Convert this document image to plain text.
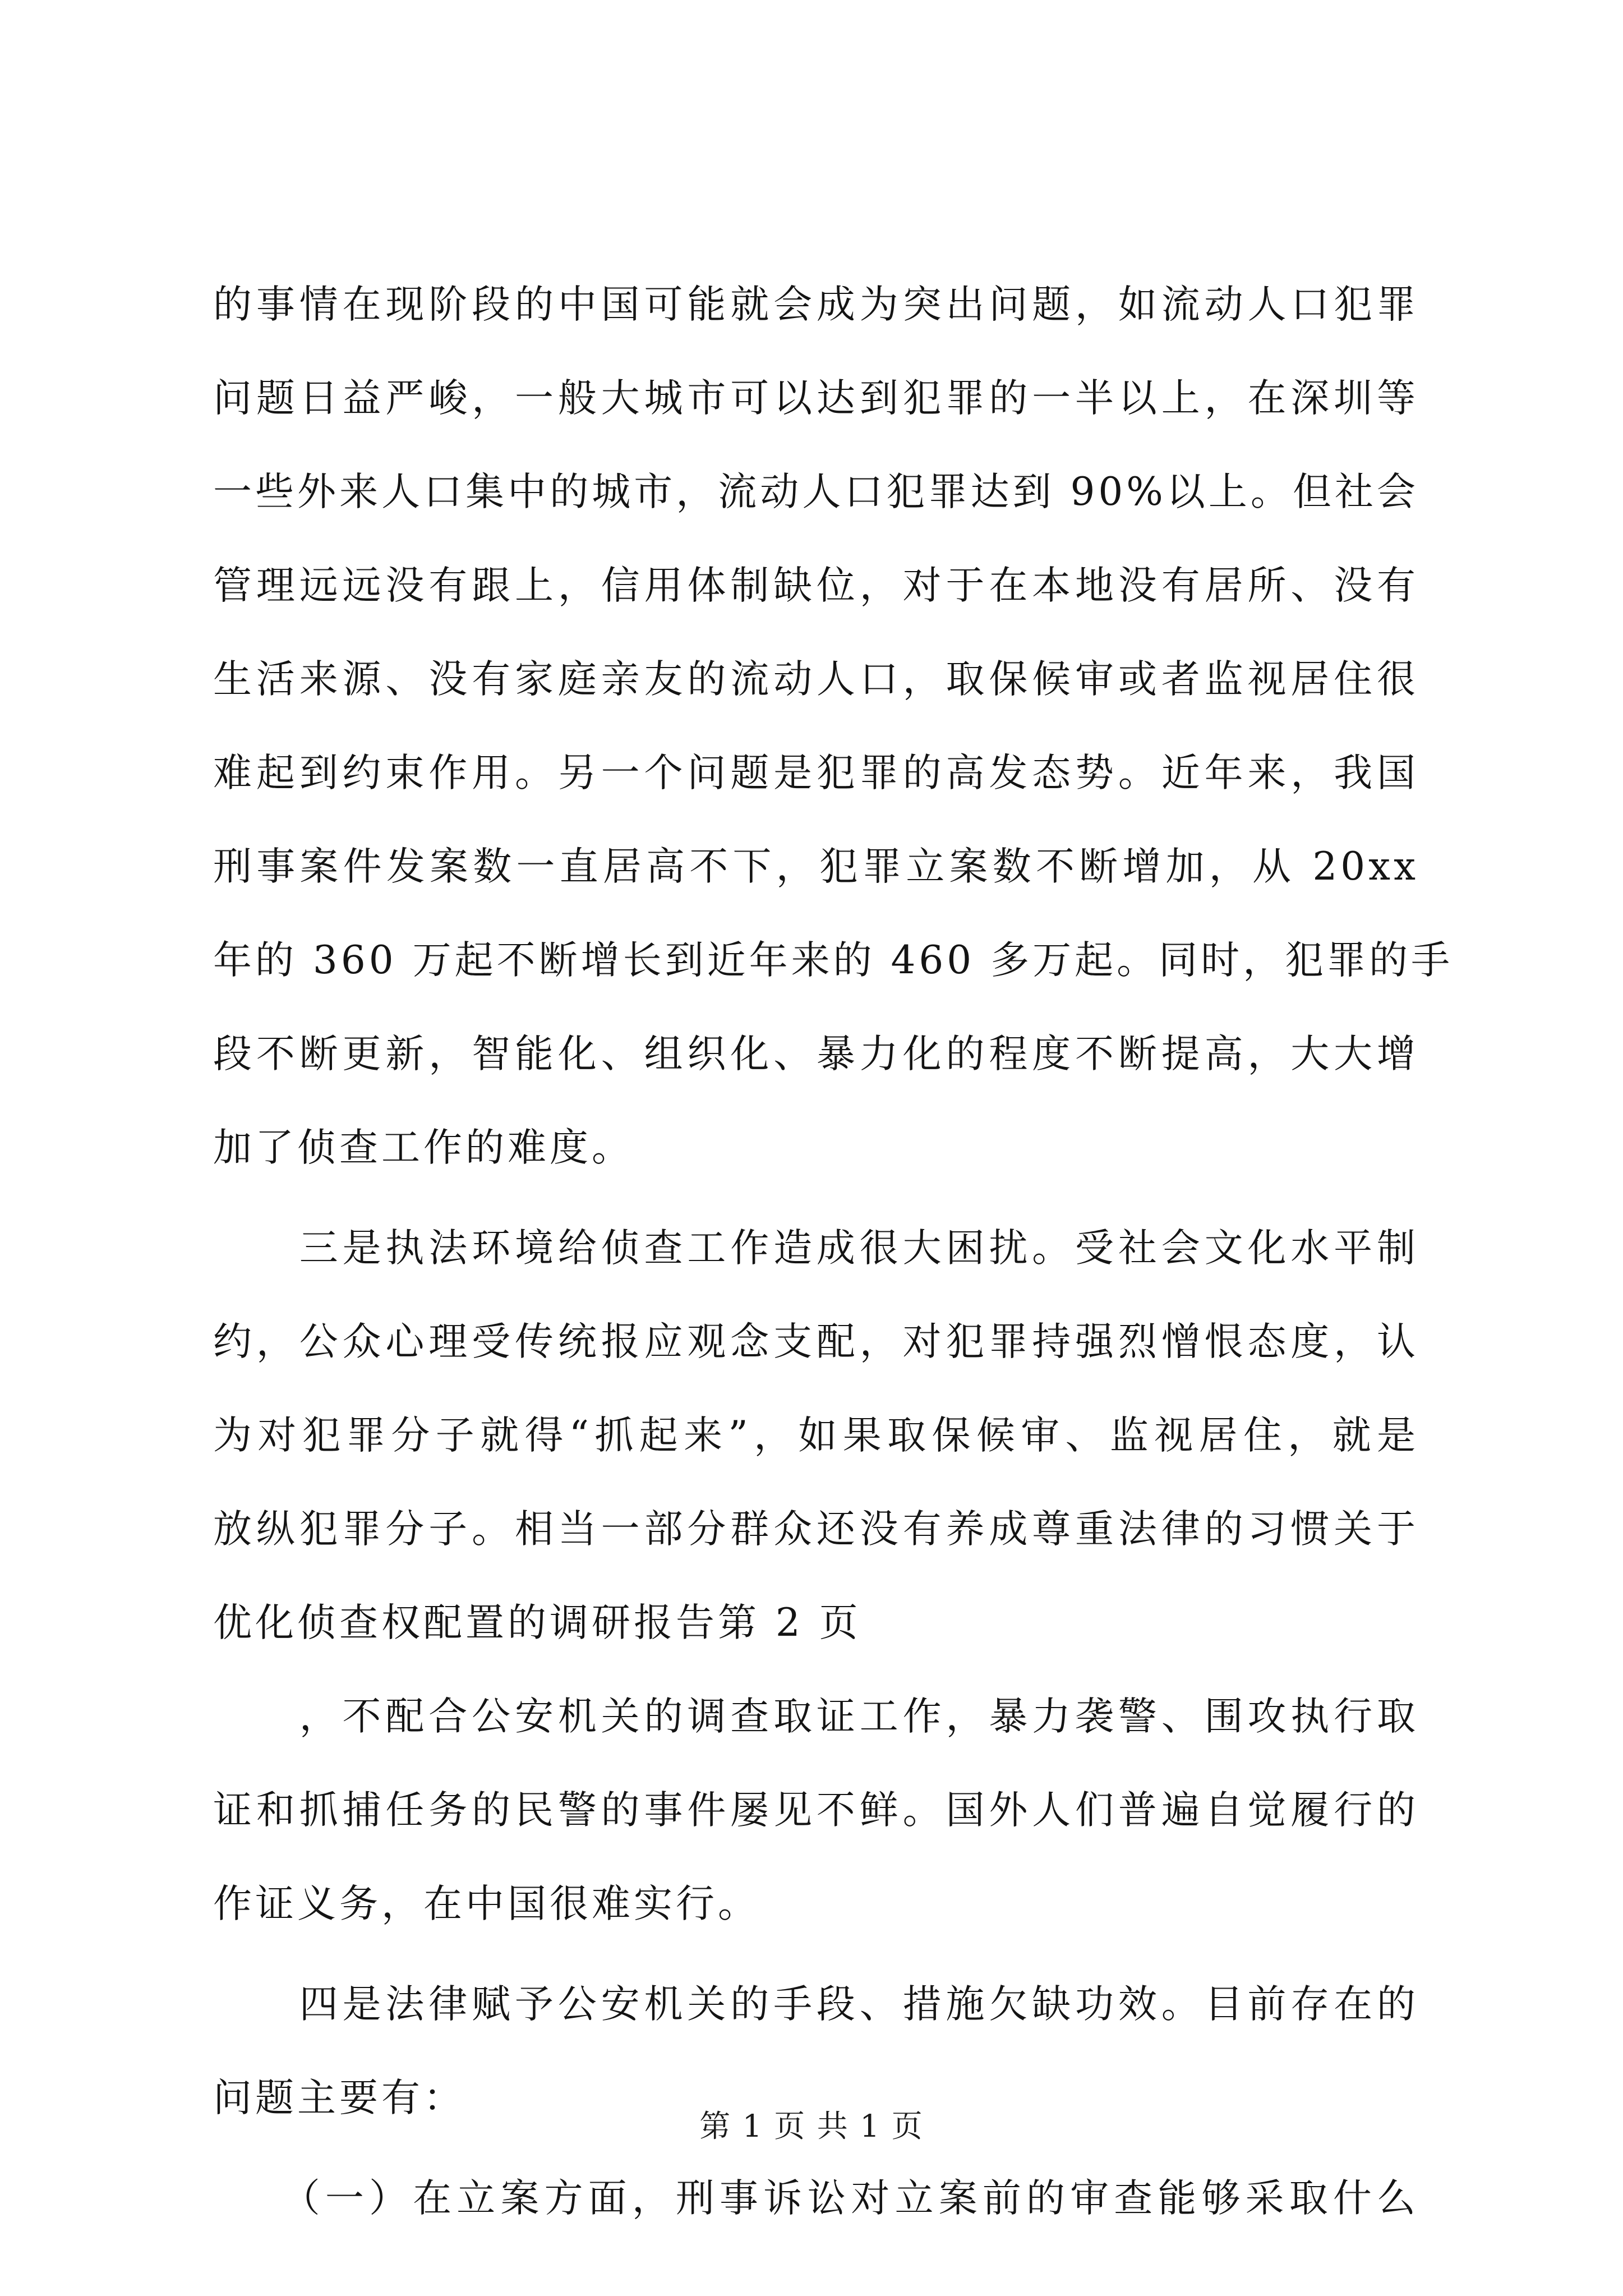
的事情在现阶段的中国可能就会成为突出问题，如流动人口犯罪
问题日益严峻，一般大城市可以达到犯罪的一半以上，在深圳等
一些外来人口集中的城市，流动人口犯罪达到 90%以上。但社会
管理远远没有跟上，信用体制缺位，对于在本地没有居所、没有
生活来源、没有家庭亲友的流动人口，取保候审或者监视居住很
难起到约束作用。另一个问题是犯罪的高发态势。近年来，我国
刑事案件发案数一直居高不下，犯罪立案数不断增加，从 20xx
年的 360 万起不断增长到近年来的 460 多万起。同时，犯罪的手
段不断更新，智能化、组织化、暴力化的程度不断提高，大大增
加了侦查工作的难度。
　　三是执法环境给侦查工作造成很大困扰。受社会文化水平制
约，公众心理受传统报应观念支配，对犯罪持强烈憎恨态度，认
为对犯罪分子就得“抓起来”，如果取保候审、监视居住，就是
放纵犯罪分子。相当一部分群众还没有养成尊重法律的习惯关于
优化侦查权配置的调研报告第 2 页
　　，不配合公安机关的调查取证工作，暴力袭警、围攻执行取
证和抓捕任务的民警的事件屡见不鲜。国外人们普遍自觉履行的
作证义务，在中国很难实行。
　　四是法律赋予公安机关的手段、措施欠缺功效。目前存在的
问题主要有：
　　（一）在立案方面，刑事诉讼对立案前的审查能够采取什么
第 1 页 共 1 页
